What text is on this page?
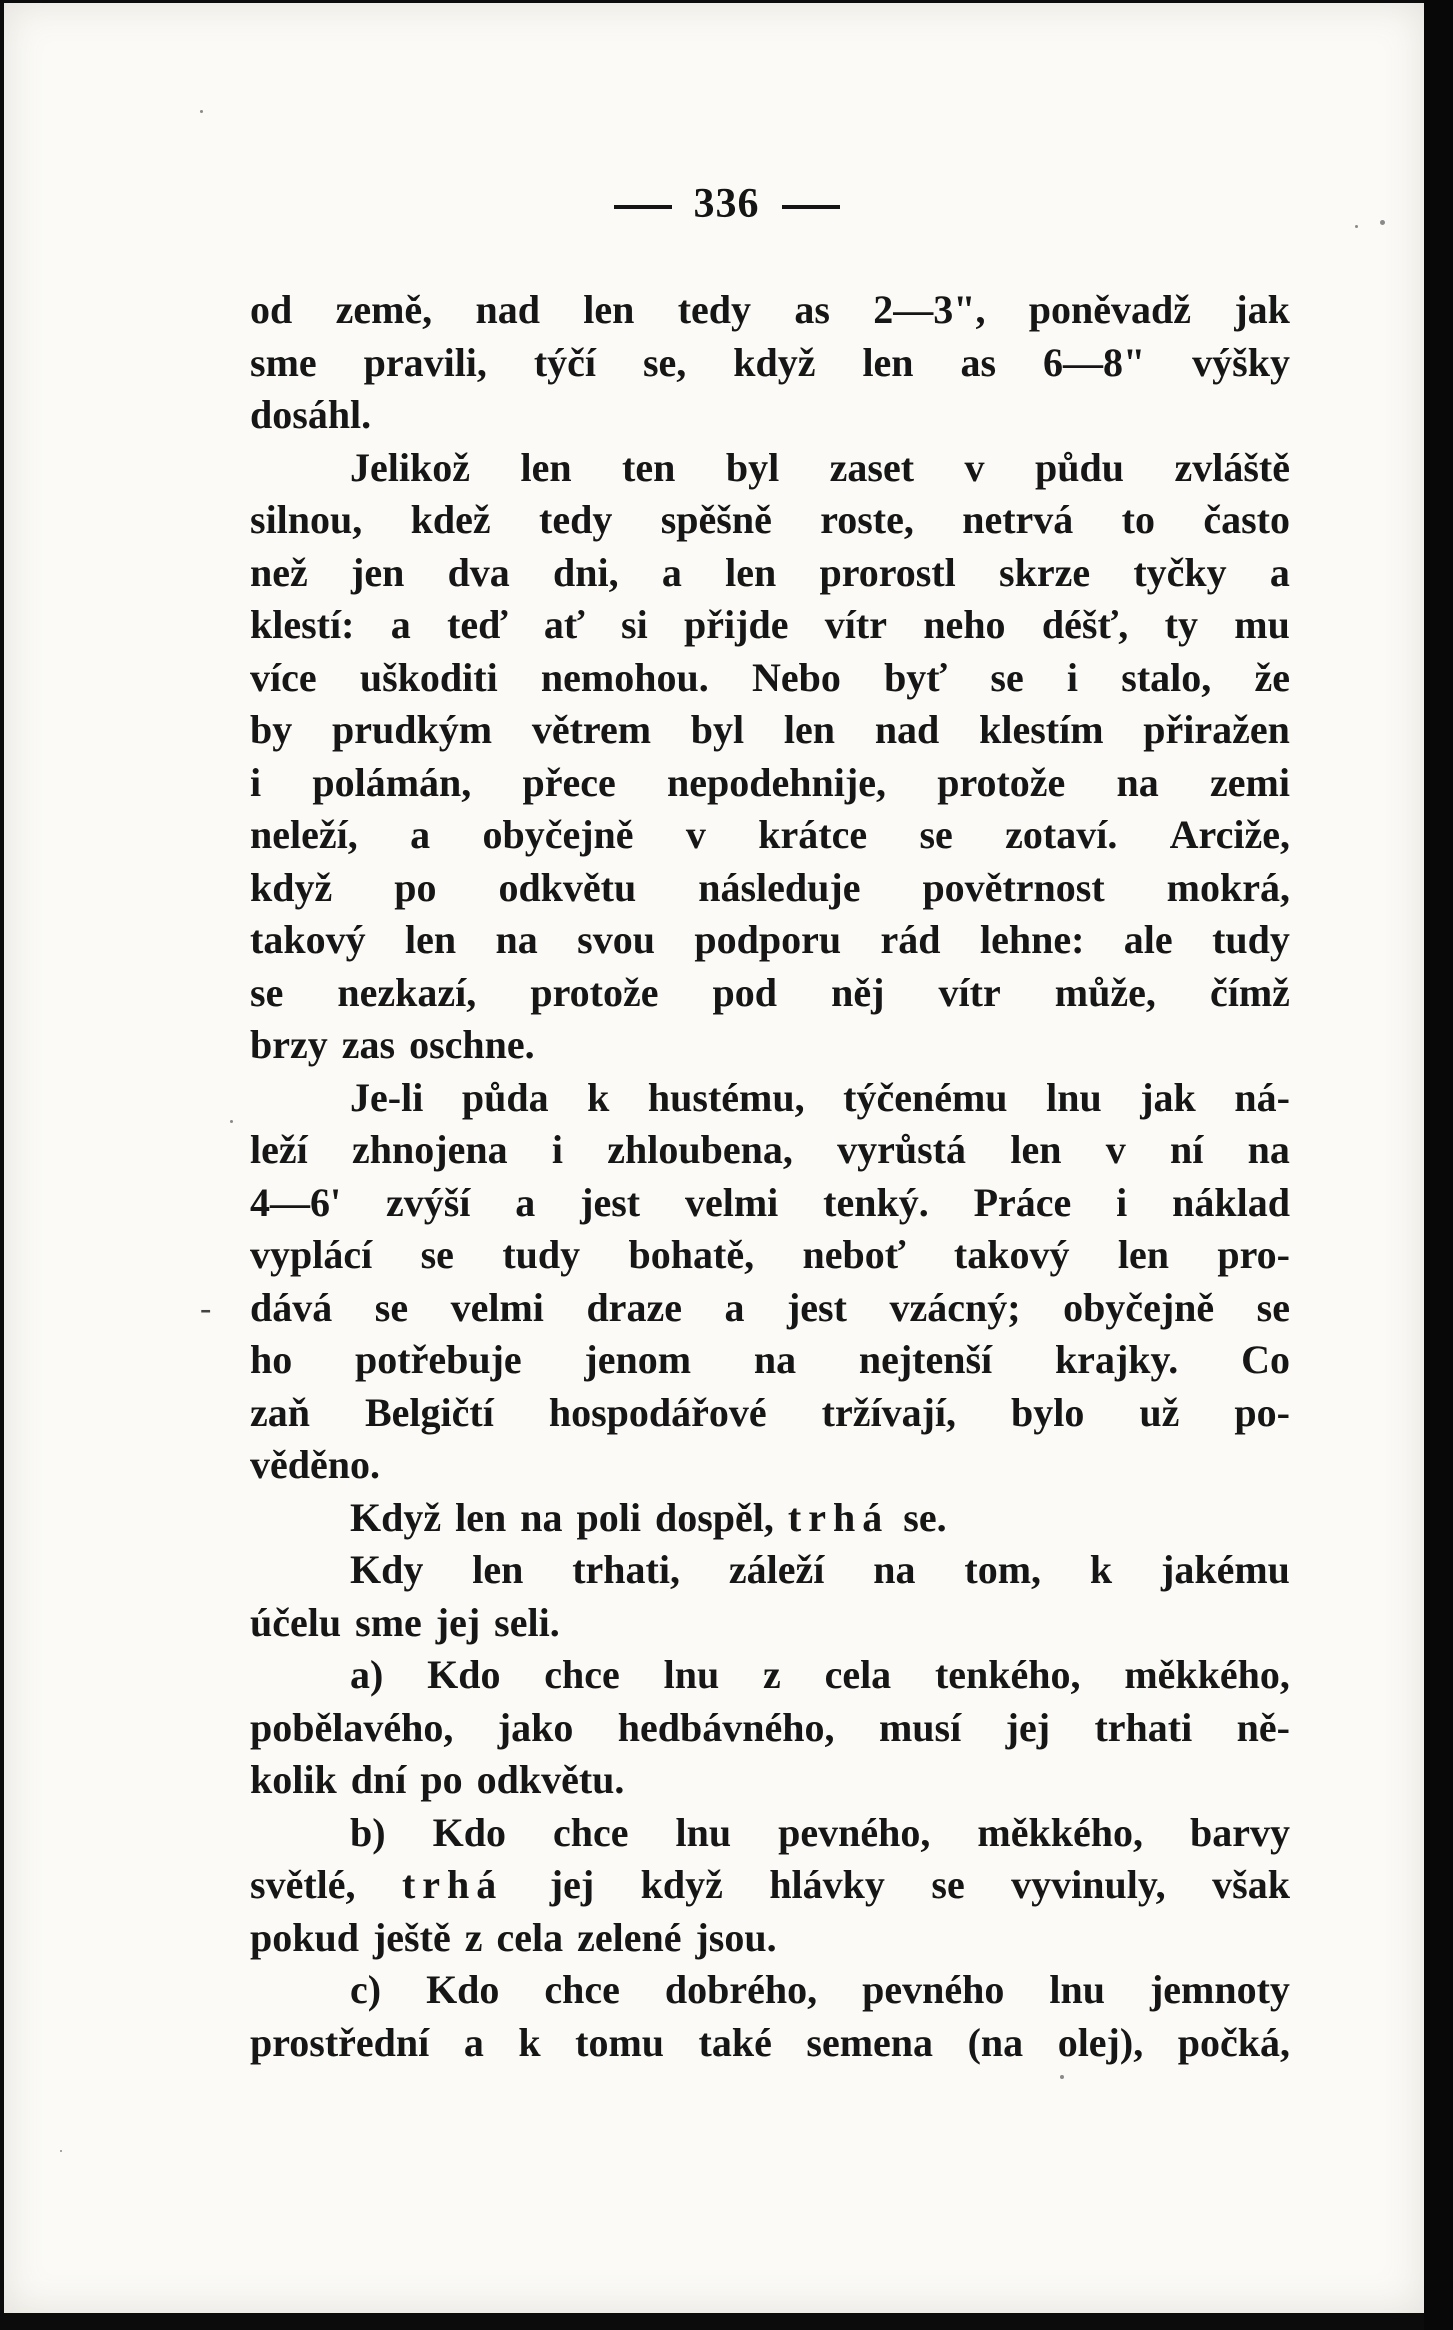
336
-
od země, nad len tedy as 2—3", poněvadž jak
sme pravili, týčí se, když len as 6—8" výšky
dosáhl.
Jelikož len ten byl zaset v půdu zvláště
silnou, kdež tedy spěšně roste, netrvá to často
než jen dva dni, a len prorostl skrze tyčky a
klestí: a teď ať si přijde vítr neho déšť, ty mu
více uškoditi nemohou. Nebo byť se i stalo, že
by prudkým větrem byl len nad klestím přiražen
i polámán, přece nepodehnije, protože na zemi
neleží, a obyčejně v krátce se zotaví. Arciže,
když po odkvětu následuje povětrnost mokrá,
takový len na svou podporu rád lehne: ale tudy
se nezkazí, protože pod něj vítr může, čímž
brzy zas oschne.
Je-li půda k hustému, týčenému lnu jak ná-
leží zhnojena i zhloubena, vyrůstá len v ní na
4—6' zvýší a jest velmi tenký. Práce i náklad
vyplácí se tudy bohatě, neboť takový len pro-
dává se velmi draze a jest vzácný; obyčejně se
ho potřebuje jenom na nejtenší krajky. Co
zaň Belgičtí hospodářové tržívají, bylo už po-
věděno.
Když len na poli dospěl, trhá se.
Kdy len trhati, záleží na tom, k jakému
účelu sme jej seli.
a) Kdo chce lnu z cela tenkého, měkkého,
pobělavého, jako hedbávného, musí jej trhati ně-
kolik dní po odkvětu.
b) Kdo chce lnu pevného, měkkého, barvy
světlé, trhá jej když hlávky se vyvinuly, však
pokud ještě z cela zelené jsou.
c) Kdo chce dobrého, pevného lnu jemnoty
prostřední a k tomu také semena (na olej), počká,
